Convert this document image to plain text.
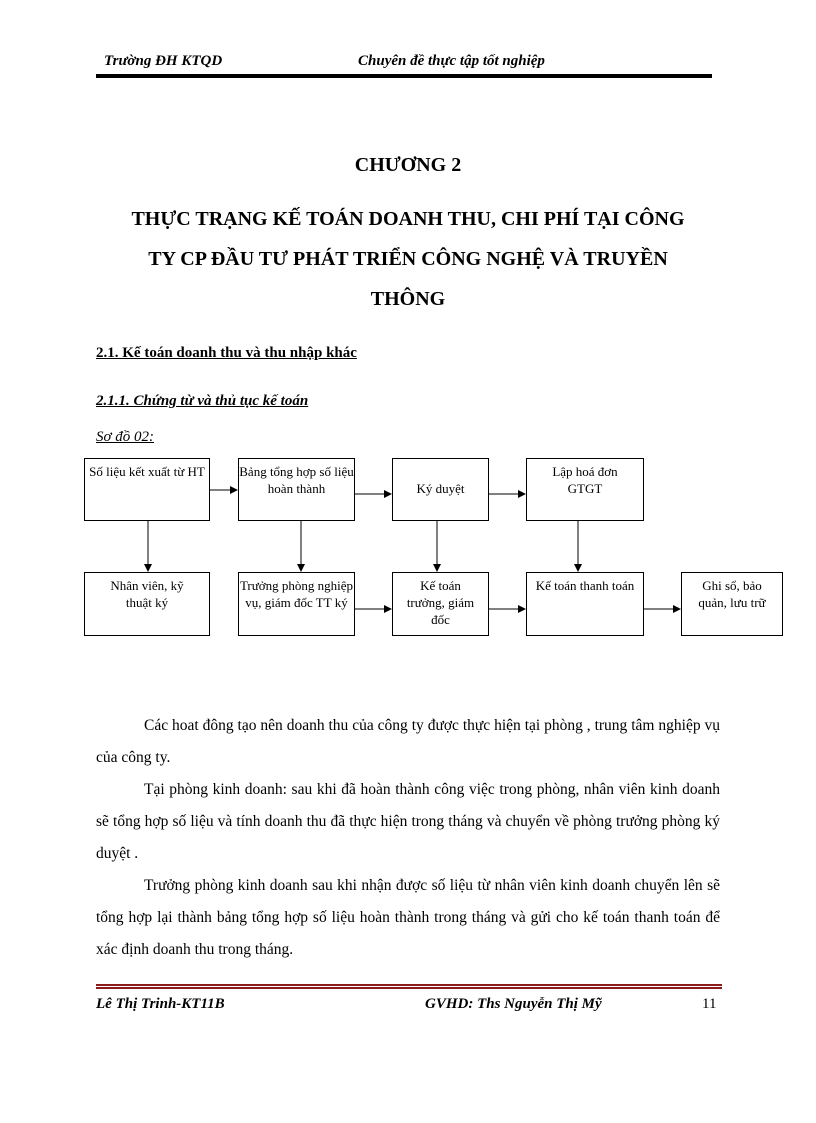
Trường ĐH KTQD	Chuyên đề thực tập tốt nghiệp
CHƯƠNG 2
THỰC TRẠNG KẾ TOÁN DOANH THU, CHI PHÍ TẠI CÔNG
TY CP ĐẦU TƯ PHÁT TRIỂN CÔNG NGHỆ VÀ TRUYỀN
THÔNG
2.1. Kế toán doanh thu và thu nhập khác
2.1.1. Chứng từ và thủ tục kế toán
Sơ đồ 02:
Số liệu kết xuất từ HT	Bảng tổng hợp số liệu hoàn thành	Ký duyệt
Lập hoá đơn GTGT
Nhân viên, kỹ thuật ký
Trưởng phòng nghiệp vụ, giám đốc TT ký
Kế toán trưởng, giám đốc
Kế toán thanh toán	Ghi sổ, bảo quản, lưu trữ

Các hoat đông tạo nên doanh thu của công ty được thực hiện tại phòng , trung tâm nghiệp vụ của công ty.

Tại phòng kinh doanh: sau khi đã hoàn thành công việc trong phòng, nhân viên kinh doanh sẽ tổng hợp số liệu và tính doanh thu đã thực hiện trong tháng và chuyển về phòng trưởng phòng ký duyệt .

Trưởng phòng kinh doanh sau khi nhận được số liệu từ nhân viên kinh doanh chuyển lên sẽ tổng hợp lại thành bảng tổng hợp số liệu hoàn thành trong tháng và gửi cho kế toán thanh toán để xác định doanh thu trong tháng.

Lê Thị Trinh-KT11B	GVHD: Ths Nguyễn Thị Mỹ	11
